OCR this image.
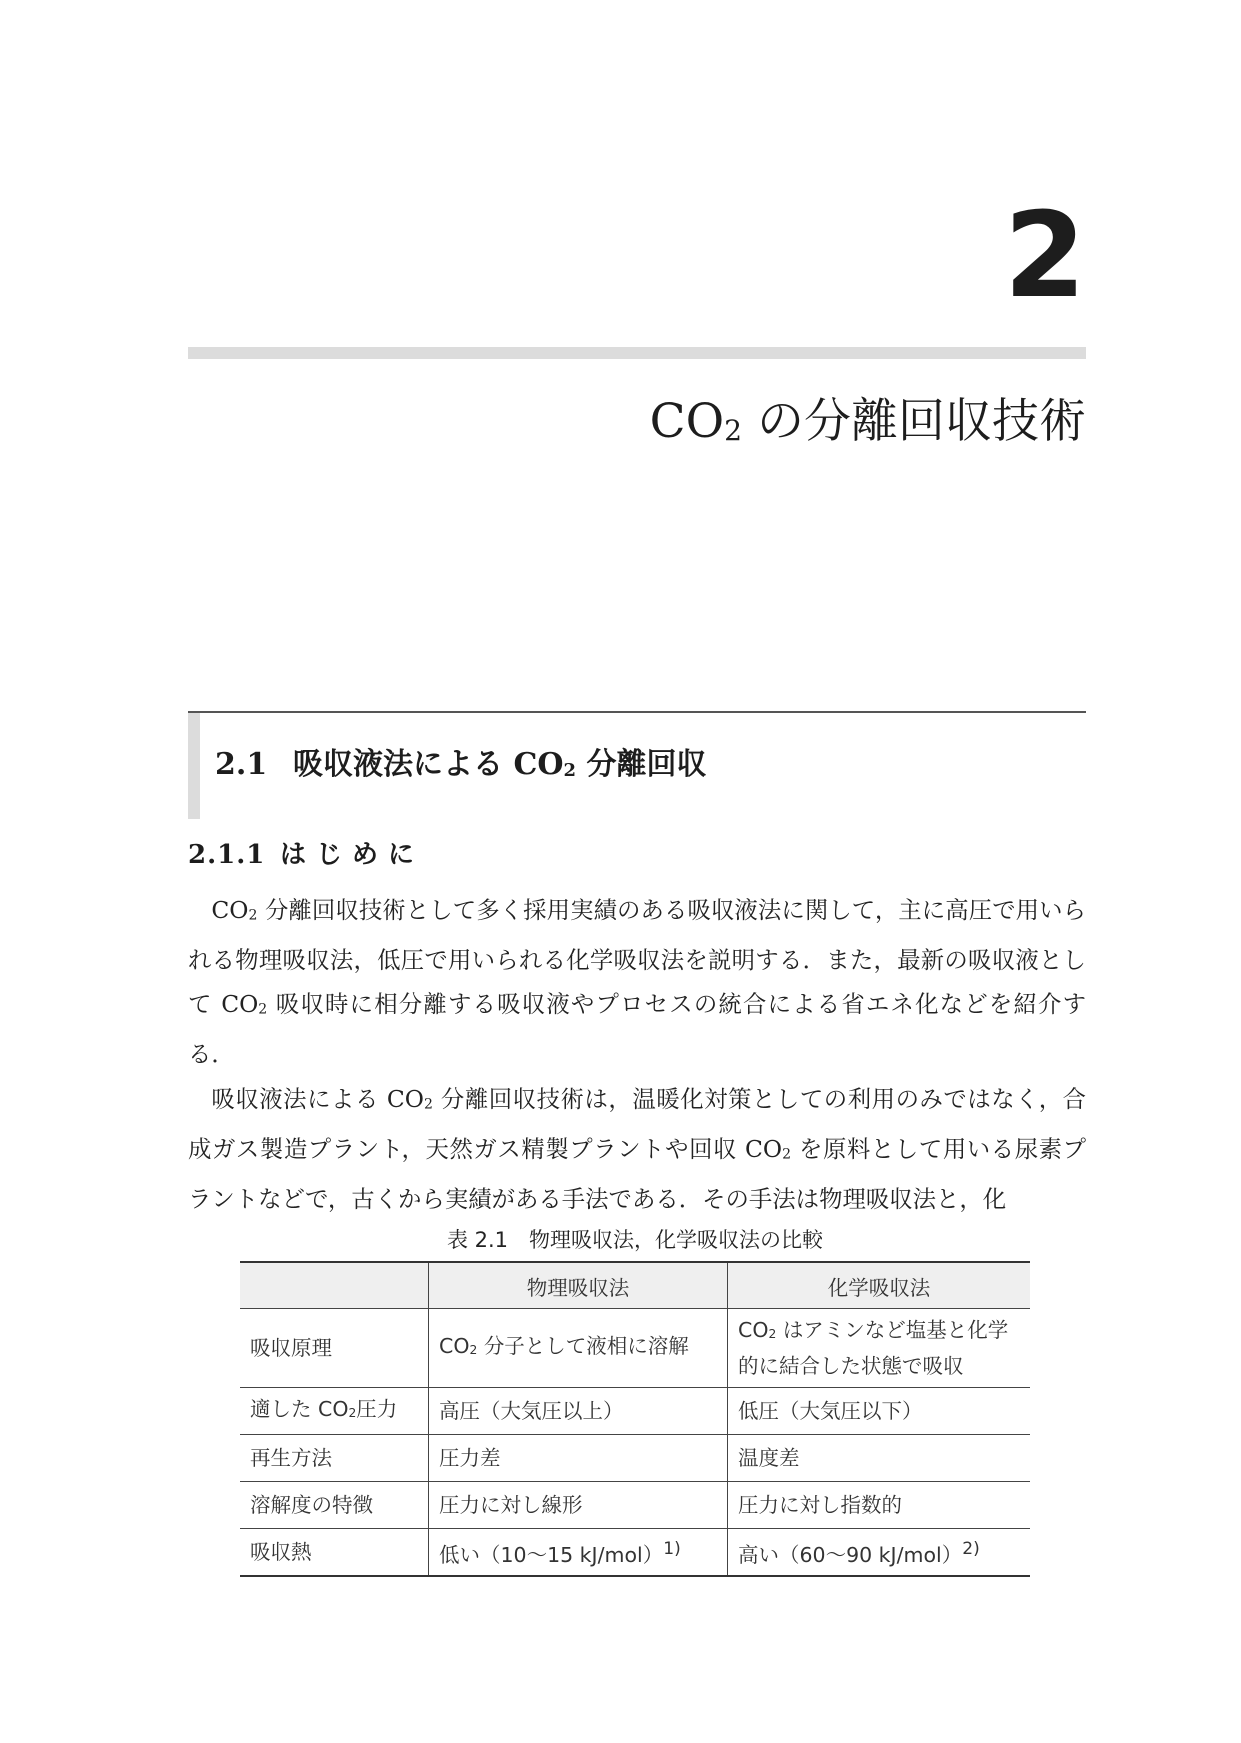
2
$CO_2$ の分離回収技術
2.1 吸収液法による $CO_2$ 分離回収
2.1.1 はじめに

$CO_2$ 分離回収技術として多く採用実績のある吸収液法に関して，主に高圧で用いられる物理吸収法，低圧で用いられる化学吸収法を説明する．また，最新の吸収液として $CO_2$ 吸収時に相分離する吸収液やプロセスの統合による省エネ化などを紹介する．

吸収液法による $CO_2$ 分離回収技術は，温暖化対策としての利用のみではなく，合成ガス製造プラント，天然ガス精製プラントや回収 $CO_2$ を原料として用いる尿素プラントなどで，古くから実績がある手法である．その手法は物理吸収法と，化

表 2.1　物理吸収法，化学吸収法の比較
	物理吸収法	化学吸収法
吸収原理	$CO_2$ 分子として液相に溶解	$CO_2$ はアミンなど塩基と化学的に結合した状態で吸収
適した $CO_2$圧力	高圧（大気圧以上）	低圧（大気圧以下）
再生方法	圧力差	温度差
溶解度の特徴	圧力に対し線形	圧力に対し指数的
吸収熱	低い（10～15 kJ/mol）$^{1)}$	高い（60～90 kJ/mol）$^{2)}$
